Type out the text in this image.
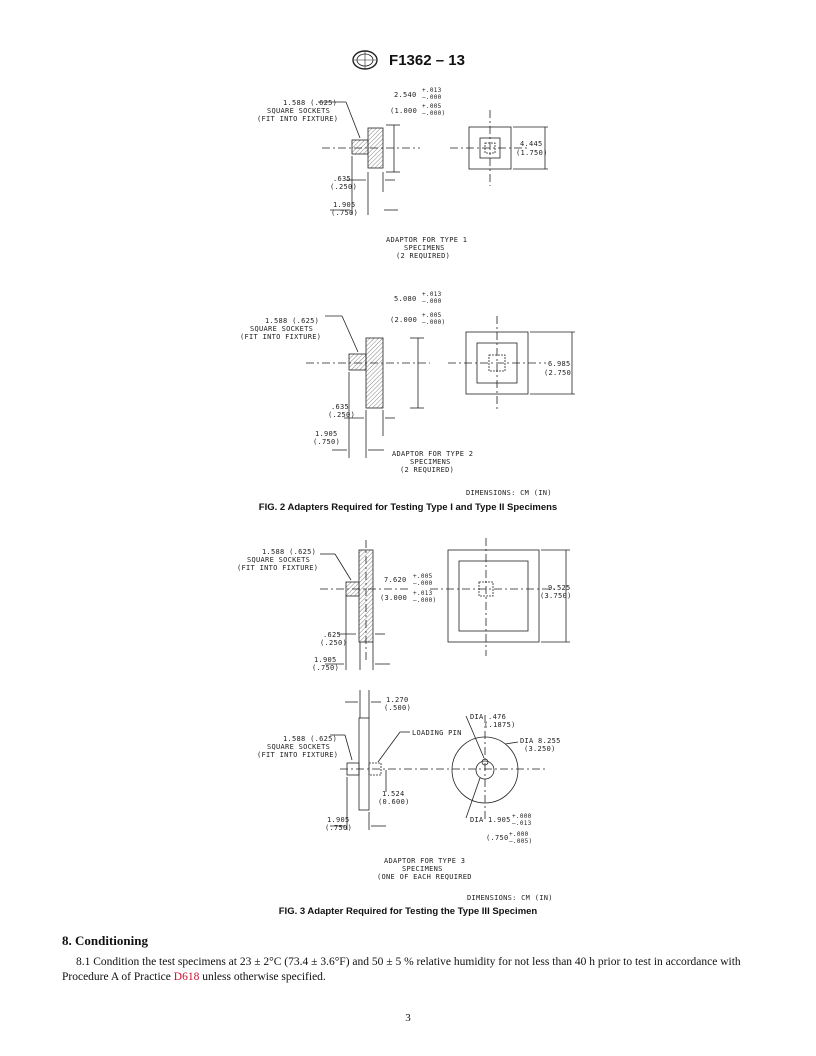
F1362 – 13
1.588 (.625)
SQUARE SOCKETS
(FIT INTO FIXTURE)
2.540
+.013
–.000
(1.000
+.005
–.000)
4.445
(1.750)
.635
(.250)
1.905
(.750)
ADAPTOR FOR TYPE 1
SPECIMENS
(2 REQUIRED)
1.588 (.625)
SQUARE SOCKETS
(FIT INTO FIXTURE)
5.080
+.013
–.000
(2.000
+.005
–.000)
6.985
(2.750
.635
(.250)
1.905
(.750)
ADAPTOR FOR TYPE 2
SPECIMENS
(2 REQUIRED)
DIMENSIONS: CM (IN)
FIG. 2 Adapters Required for Testing Type I and Type II Specimens
1.588 (.625)
SQUARE SOCKETS
(FIT INTO FIXTURE)
7.620 +.005
–.000
(3.000
+.013
–.000)
9.525
(3.750)
.625
(.250)
1.905
(.750)
1.270
(.500)
1.588 (.625)
SQUARE SOCKETS
(FIT INTO FIXTURE)
LOADING PIN
DIA .476
(.1875)
DIA 8.255
(3.250)
1.524
(0.600)
1.905
(.750)
DIA 1.905 +.000
–.013
(.750 +.000
–.005)
ADAPTOR FOR TYPE 3
SPECIMENS
(ONE OF EACH REQUIRED
DIMENSIONS: CM (IN)
FIG. 3 Adapter Required for Testing the Type III Specimen
8. Conditioning
8.1 Condition the test specimens at 23 ± 2°C (73.4 ± 3.6°F) and 50 ± 5 % relative humidity for not less than 40 h prior to test in accordance with Procedure A of Practice D618 unless otherwise specified.
3
